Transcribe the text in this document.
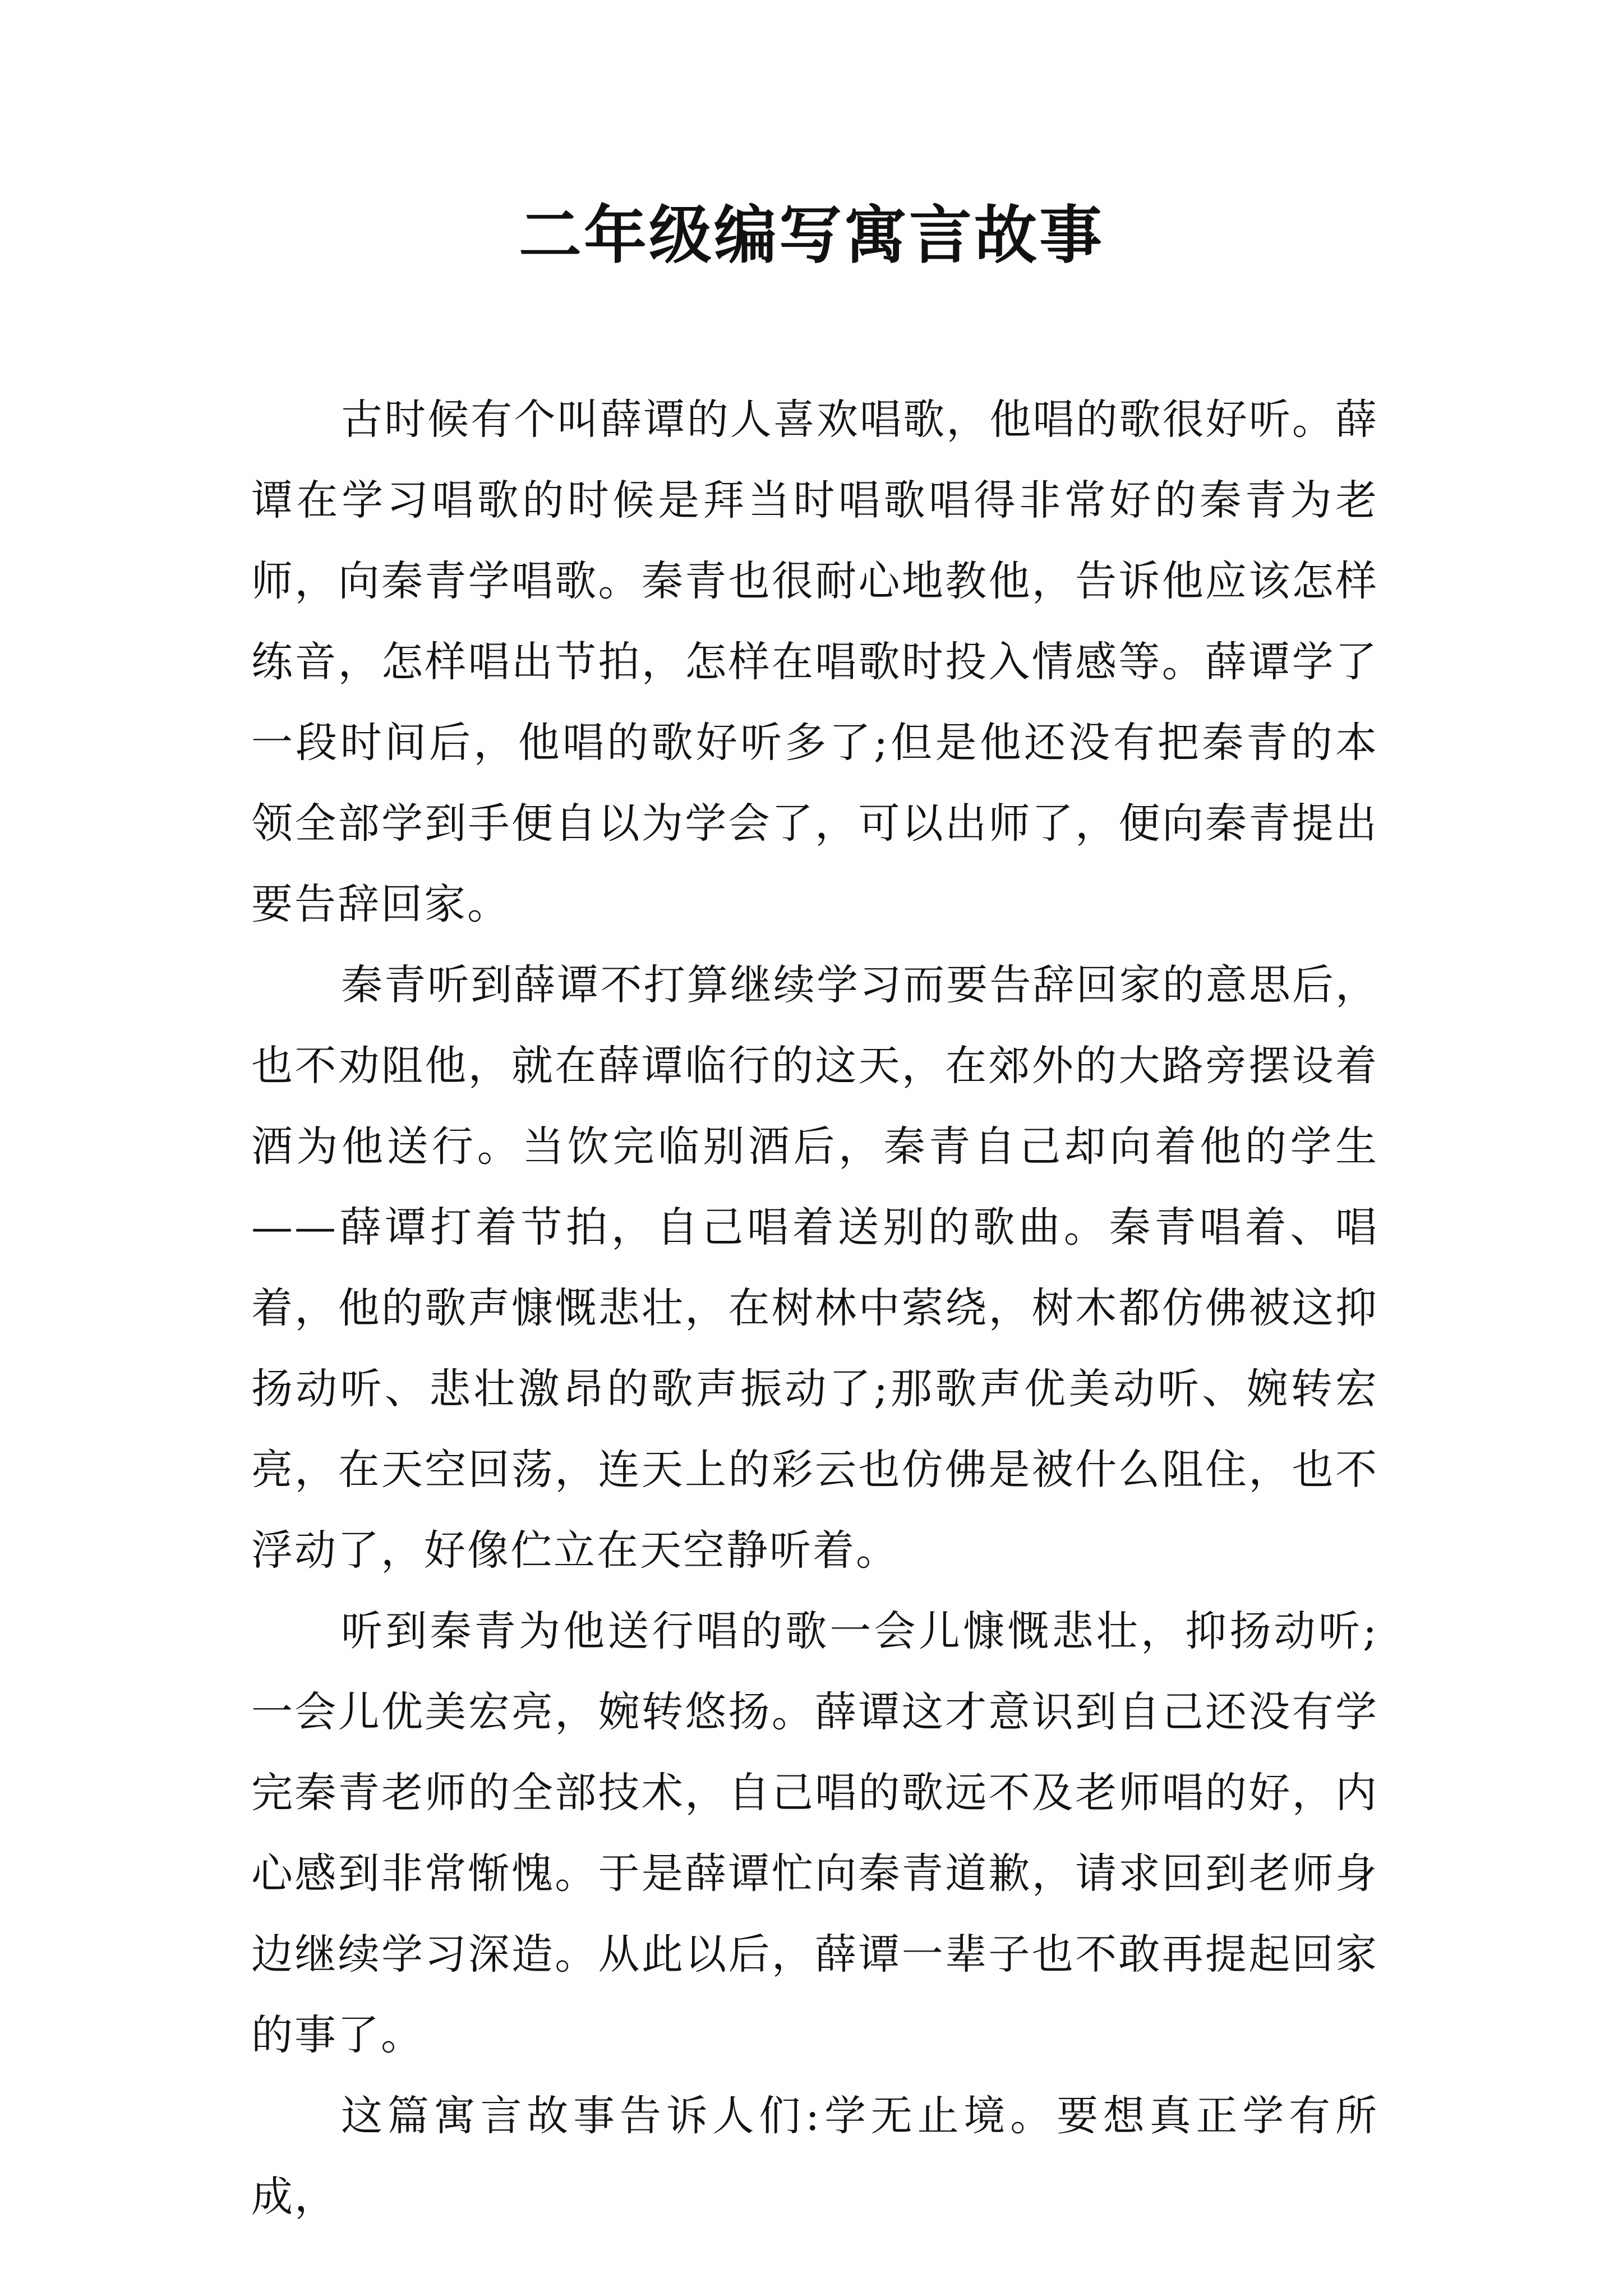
二年级编写寓言故事

古时候有个叫薛谭的人喜欢唱歌，他唱的歌很好听。薛谭在学习唱歌的时候是拜当时唱歌唱得非常好的秦青为老师，向秦青学唱歌。秦青也很耐心地教他，告诉他应该怎样练音，怎样唱出节拍，怎样在唱歌时投入情感等。薛谭学了一段时间后，他唱的歌好听多了;但是他还没有把秦青的本领全部学到手便自以为学会了，可以出师了，便向秦青提出要告辞回家。

秦青听到薛谭不打算继续学习而要告辞回家的意思后，也不劝阻他，就在薛谭临行的这天，在郊外的大路旁摆设着酒为他送行。当饮完临别酒后，秦青自己却向着他的学生——薛谭打着节拍，自己唱着送别的歌曲。秦青唱着、唱着，他的歌声慷慨悲壮，在树林中萦绕，树木都仿佛被这抑扬动听、悲壮激昂的歌声振动了;那歌声优美动听、婉转宏亮，在天空回荡，连天上的彩云也仿佛是被什么阻住，也不浮动了，好像伫立在天空静听着。

听到秦青为他送行唱的歌一会儿慷慨悲壮，抑扬动听;一会儿优美宏亮，婉转悠扬。薛谭这才意识到自己还没有学完秦青老师的全部技术，自己唱的歌远不及老师唱的好，内心感到非常惭愧。于是薛谭忙向秦青道歉，请求回到老师身边继续学习深造。从此以后，薛谭一辈子也不敢再提起回家的事了。

这篇寓言故事告诉人们:学无止境。要想真正学有所成，
